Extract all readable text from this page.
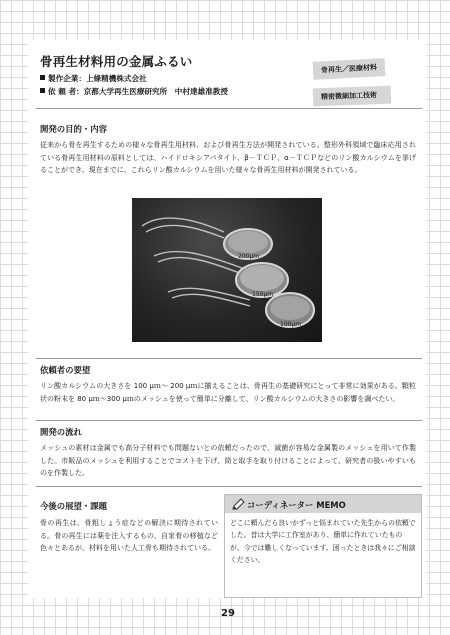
骨再生材料用の金属ふるい
製作企業：上條精機株式会社
依 頼 者：京都大学再生医療研究所　中村達雄准教授
骨再生／医療材料
精密微細加工技術
開発の目的・内容
従来から骨を再生するための様々な骨再生用材料、および骨再生方法が開発されている。整形外科領域で臨床応用されている骨再生用材料の原料としては、ハイドロキシアパタイト、β－ＴＣＰ、α－ＴＣＰなどのリン酸カルシウムを挙げることができ、現在までに、これらリン酸カルシウムを用いた様々な骨再生用材料が開発されている。
200μm
150μm
100μm
依頼者の要望
リン酸カルシウムの大きさを 100 μｍ〜 200 μｍに揃えることは、骨再生の基礎研究にとって非常に効果がある。顆粒状の粉末を 80 μｍ〜300 μｍのメッシュを使って簡単に分離して、リン酸カルシウムの大きさの影響を調べたい。
開発の流れ
メッシュの素材は金属でも高分子材料でも問題ないとの依頼だったので、滅菌が容易な金属製のメッシュを用いて作製した。市販品のメッシュを利用することでコストを下げ、筒と取手を取り付けることによって、研究者の扱いやすいものを作製した。
今後の展望・課題
骨の再生は、骨粗しょう症などの解決に期待されている。骨の再生には薬を注入するもの、自家骨の移植など色々とあるが、材料を用いた人工骨も期待されている。
コーディネーター MEMO
どこに頼んだら良いかずっと悩まれていた先生からの依頼でした。昔は大学に工作室があり、簡単に作れていたものが、今では難しくなっています。困ったときは我々にご相談ください。
29
